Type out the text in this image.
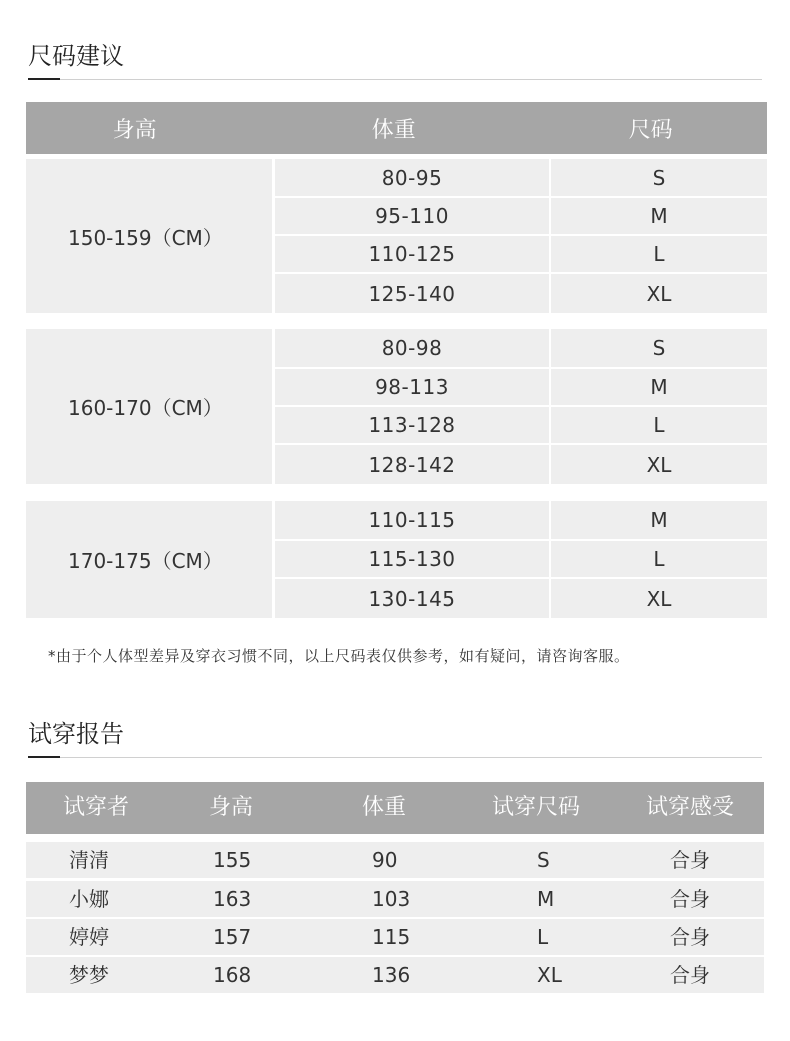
尺码建议
身高	体重	尺码
150-159（CM）
80-95	S
95-110	M
110-125	L
125-140	XL
160-170（CM）
80-98	S
98-113	M
113-128	L
128-142	XL
170-175（CM）
110-115	M
115-130	L
130-145	XL

*由于个人体型差异及穿衣习惯不同，以上尺码表仅供参考，如有疑问，请咨询客服。

试穿报告
试穿者	身高	体重	试穿尺码	试穿感受
清清	155	90	S	合身
小娜	163	103	M	合身
婷婷	157	115	L	合身
梦梦	168	136	XL	合身
